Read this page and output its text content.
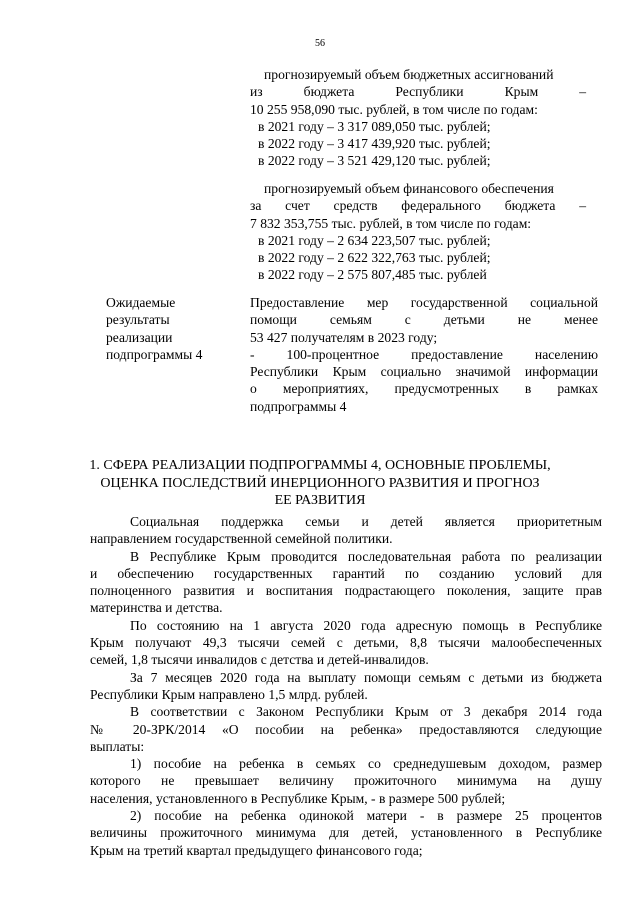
56
прогнозируемый объем бюджетных ассигнований
из бюджета Республики Крым –
10 255 958,090 тыс. рублей, в том числе по годам:
в 2021 году – 3 317 089,050 тыс. рублей;
в 2022 году – 3 417 439,920 тыс. рублей;
в 2022 году – 3 521 429,120 тыс. рублей;
прогнозируемый объем финансового обеспечения
за счет средств федерального бюджета –
7 832 353,755 тыс. рублей, в том числе по годам:
в 2021 году – 2 634 223,507 тыс. рублей;
в 2022 году – 2 622 322,763 тыс. рублей;
в 2022 году – 2 575 807,485 тыс. рублей
Ожидаемые
результаты
реализации
подпрограммы 4
Предоставление мер государственной социальной
помощи семьям с детьми не менее
53 427 получателям в 2023 году;
- 100-процентное предоставление населению
Республики Крым социально значимой информации
о мероприятиях, предусмотренных в рамках
подпрограммы 4
1. СФЕРА РЕАЛИЗАЦИИ ПОДПРОГРАММЫ 4, ОСНОВНЫЕ ПРОБЛЕМЫ,
ОЦЕНКА ПОСЛЕДСТВИЙ ИНЕРЦИОННОГО РАЗВИТИЯ И ПРОГНОЗ
ЕЕ РАЗВИТИЯ
Социальная поддержка семьи и детей является приоритетным
направлением государственной семейной политики.
В Республике Крым проводится последовательная работа по реализации
и обеспечению государственных гарантий по созданию условий для
полноценного развития и воспитания подрастающего поколения, защите прав
материнства и детства.
По состоянию на 1 августа 2020 года адресную помощь в Республике
Крым получают 49,3 тысячи семей с детьми, 8,8 тысячи малообеспеченных
семей, 1,8 тысячи инвалидов с детства и детей-инвалидов.
За 7 месяцев 2020 года на выплату помощи семьям с детьми из бюджета
Республики Крым направлено 1,5 млрд. рублей.
В соответствии с Законом Республики Крым от 3 декабря 2014 года
№ 20-ЗРК/2014 «О пособии на ребенка» предоставляются следующие
выплаты:
1) пособие на ребенка в семьях со среднедушевым доходом, размер
которого не превышает величину прожиточного минимума на душу
населения, установленного в Республике Крым, - в размере 500 рублей;
2) пособие на ребенка одинокой матери - в размере 25 процентов
величины прожиточного минимума для детей, установленного в Республике
Крым на третий квартал предыдущего финансового года;
